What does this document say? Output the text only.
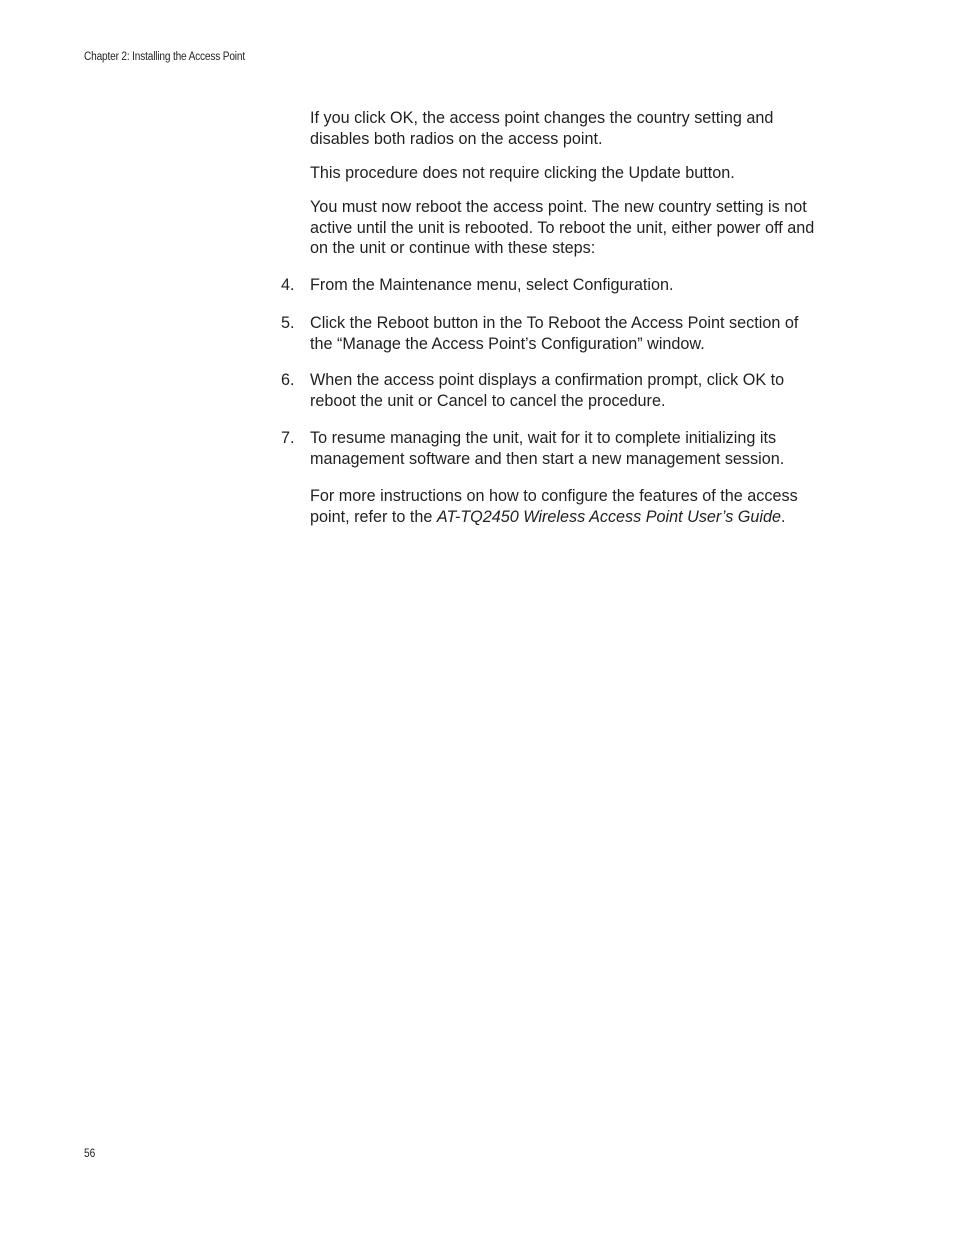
Chapter 2: Installing the Access Point
If you click OK, the access point changes the country setting and
disables both radios on the access point.
This procedure does not require clicking the Update button.
You must now reboot the access point. The new country setting is not
active until the unit is rebooted. To reboot the unit, either power off and
on the unit or continue with these steps:
4. From the Maintenance menu, select Configuration.
5. Click the Reboot button in the To Reboot the Access Point section of
the “Manage the Access Point’s Configuration” window.
6. When the access point displays a confirmation prompt, click OK to
reboot the unit or Cancel to cancel the procedure.
7. To resume managing the unit, wait for it to complete initializing its
management software and then start a new management session.
For more instructions on how to configure the features of the access
point, refer to the AT-TQ2450 Wireless Access Point User’s Guide.
56
